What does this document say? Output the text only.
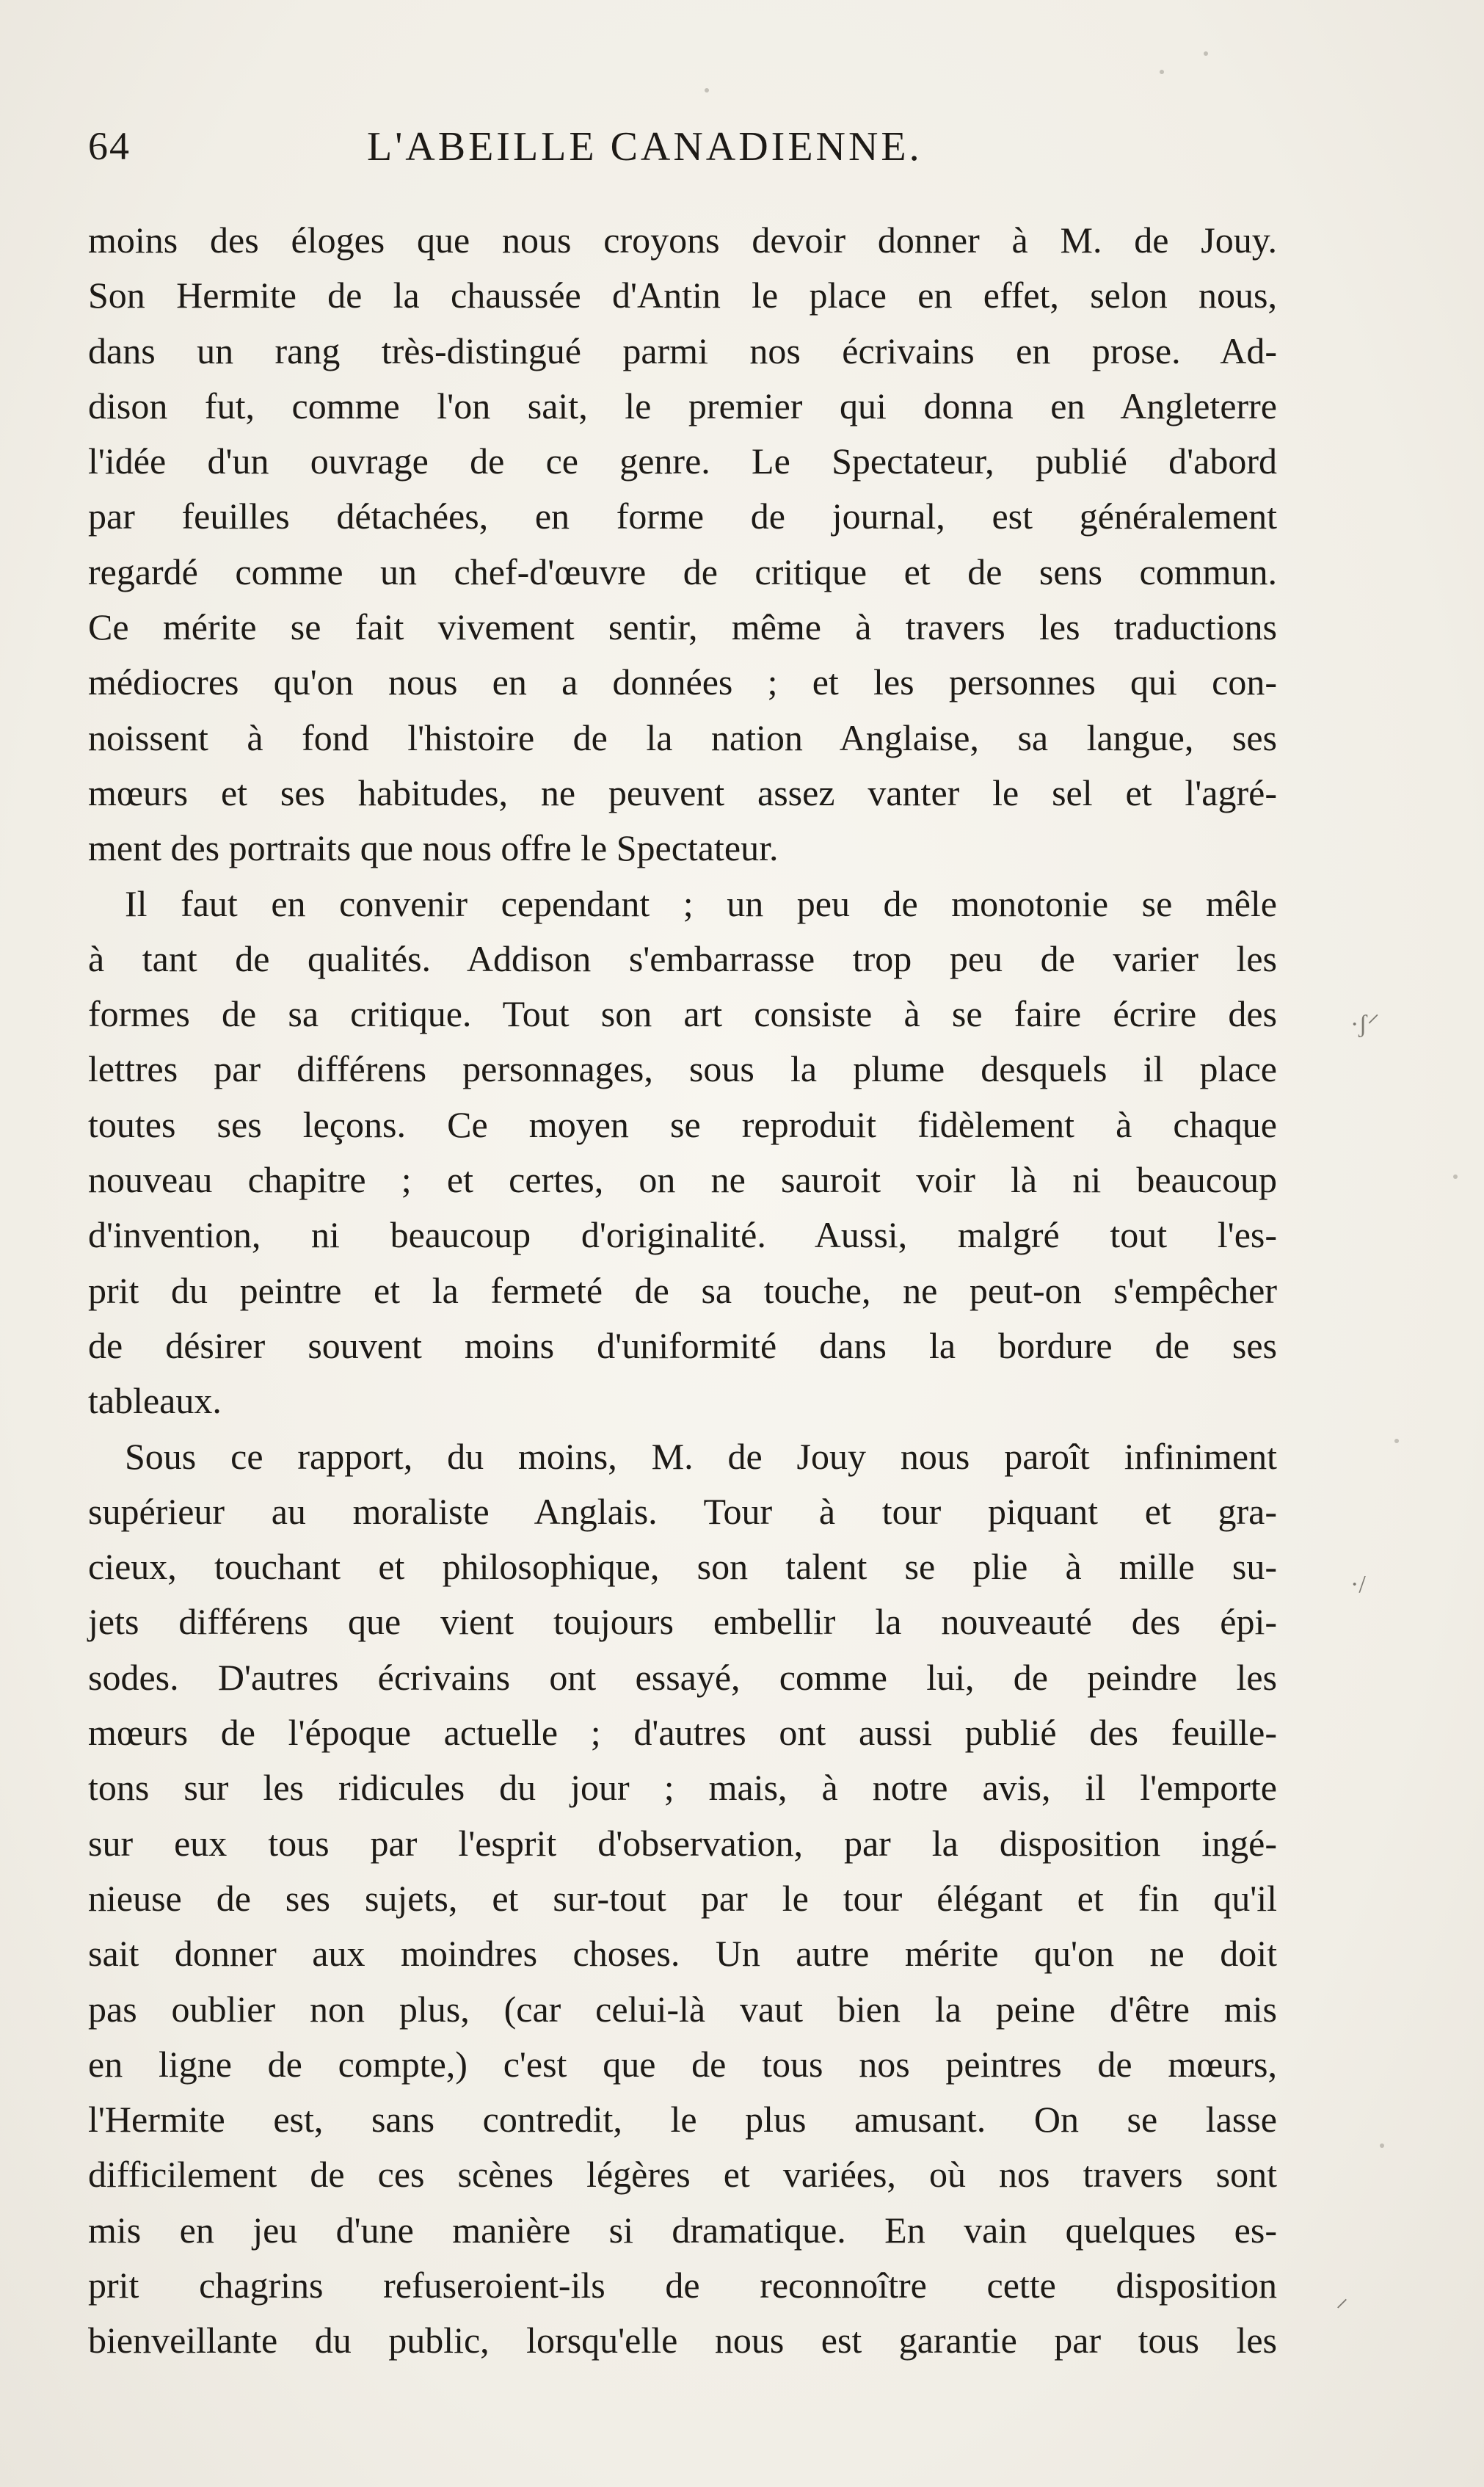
·ʃ⸍
·/
⸍
64	L'ABEILLE CANADIENNE.
moins des éloges que nous croyons devoir donner à M. de Jouy.
Son Hermite de la chaussée d'Antin le place en effet, selon nous,
dans un rang très-distingué parmi nos écrivains en prose. Ad-
dison fut, comme l'on sait, le premier qui donna en Angleterre
l'idée d'un ouvrage de ce genre. Le Spectateur, publié d'abord
par feuilles détachées, en forme de journal, est généralement
regardé comme un chef-d'œuvre de critique et de sens commun.
Ce mérite se fait vivement sentir, même à travers les traductions
médiocres qu'on nous en a données ; et les personnes qui con-
noissent à fond l'histoire de la nation Anglaise, sa langue, ses
mœurs et ses habitudes, ne peuvent assez vanter le sel et l'agré-
ment des portraits que nous offre le Spectateur.
Il faut en convenir cependant ; un peu de monotonie se mêle
à tant de qualités. Addison s'embarrasse trop peu de varier les
formes de sa critique. Tout son art consiste à se faire écrire des
lettres par différens personnages, sous la plume desquels il place
toutes ses leçons. Ce moyen se reproduit fidèlement à chaque
nouveau chapitre ; et certes, on ne sauroit voir là ni beaucoup
d'invention, ni beaucoup d'originalité. Aussi, malgré tout l'es-
prit du peintre et la fermeté de sa touche, ne peut-on s'empêcher
de désirer souvent moins d'uniformité dans la bordure de ses
tableaux.
Sous ce rapport, du moins, M. de Jouy nous paroît infiniment
supérieur au moraliste Anglais. Tour à tour piquant et gra-
cieux, touchant et philosophique, son talent se plie à mille su-
jets différens que vient toujours embellir la nouveauté des épi-
sodes. D'autres écrivains ont essayé, comme lui, de peindre les
mœurs de l'époque actuelle ; d'autres ont aussi publié des feuille-
tons sur les ridicules du jour ; mais, à notre avis, il l'emporte
sur eux tous par l'esprit d'observation, par la disposition ingé-
nieuse de ses sujets, et sur-tout par le tour élégant et fin qu'il
sait donner aux moindres choses. Un autre mérite qu'on ne doit
pas oublier non plus, (car celui-là vaut bien la peine d'être mis
en ligne de compte,) c'est que de tous nos peintres de mœurs,
l'Hermite est, sans contredit, le plus amusant. On se lasse
difficilement de ces scènes légères et variées, où nos travers sont
mis en jeu d'une manière si dramatique. En vain quelques es-
prit chagrins refuseroient-ils de reconnoître cette disposition
bienveillante du public, lorsqu'elle nous est garantie par tous les
